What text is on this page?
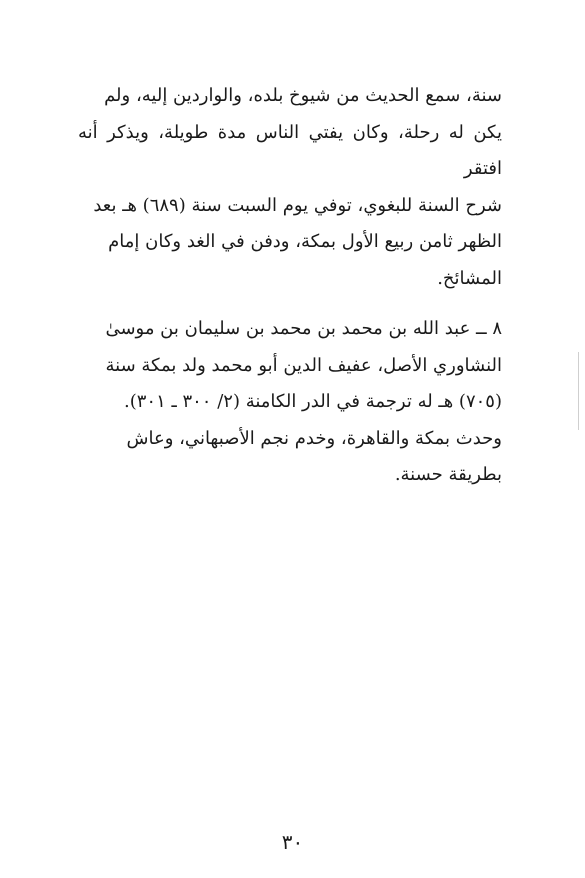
سنة، سمع الحديث من شيوخ بلده، والواردين إليه، ولم
يكن له رحلة، وكان يفتي الناس مدة طويلة، ويذكر أنه افتقر
شرح السنة للبغوي، توفي يوم السبت سنة (٦٨٩) هـ بعد
الظهر ثامن ربيع الأول بمكة، ودفن في الغد وكان إمام
المشائخ.

٨ ــ عبد الله بن محمد بن محمد بن سليمان بن موسىٰ
النشاوري الأصل، عفيف الدين أبو محمد ولد بمكة سنة
(٧٠٥) هـ له ترجمة في الدر الكامنة (٢/ ٣٠٠ ـ ٣٠١).
وحدث بمكة والقاهرة، وخدم نجم الأصبهاني، وعاش
بطريقة حسنة.

٣٠
